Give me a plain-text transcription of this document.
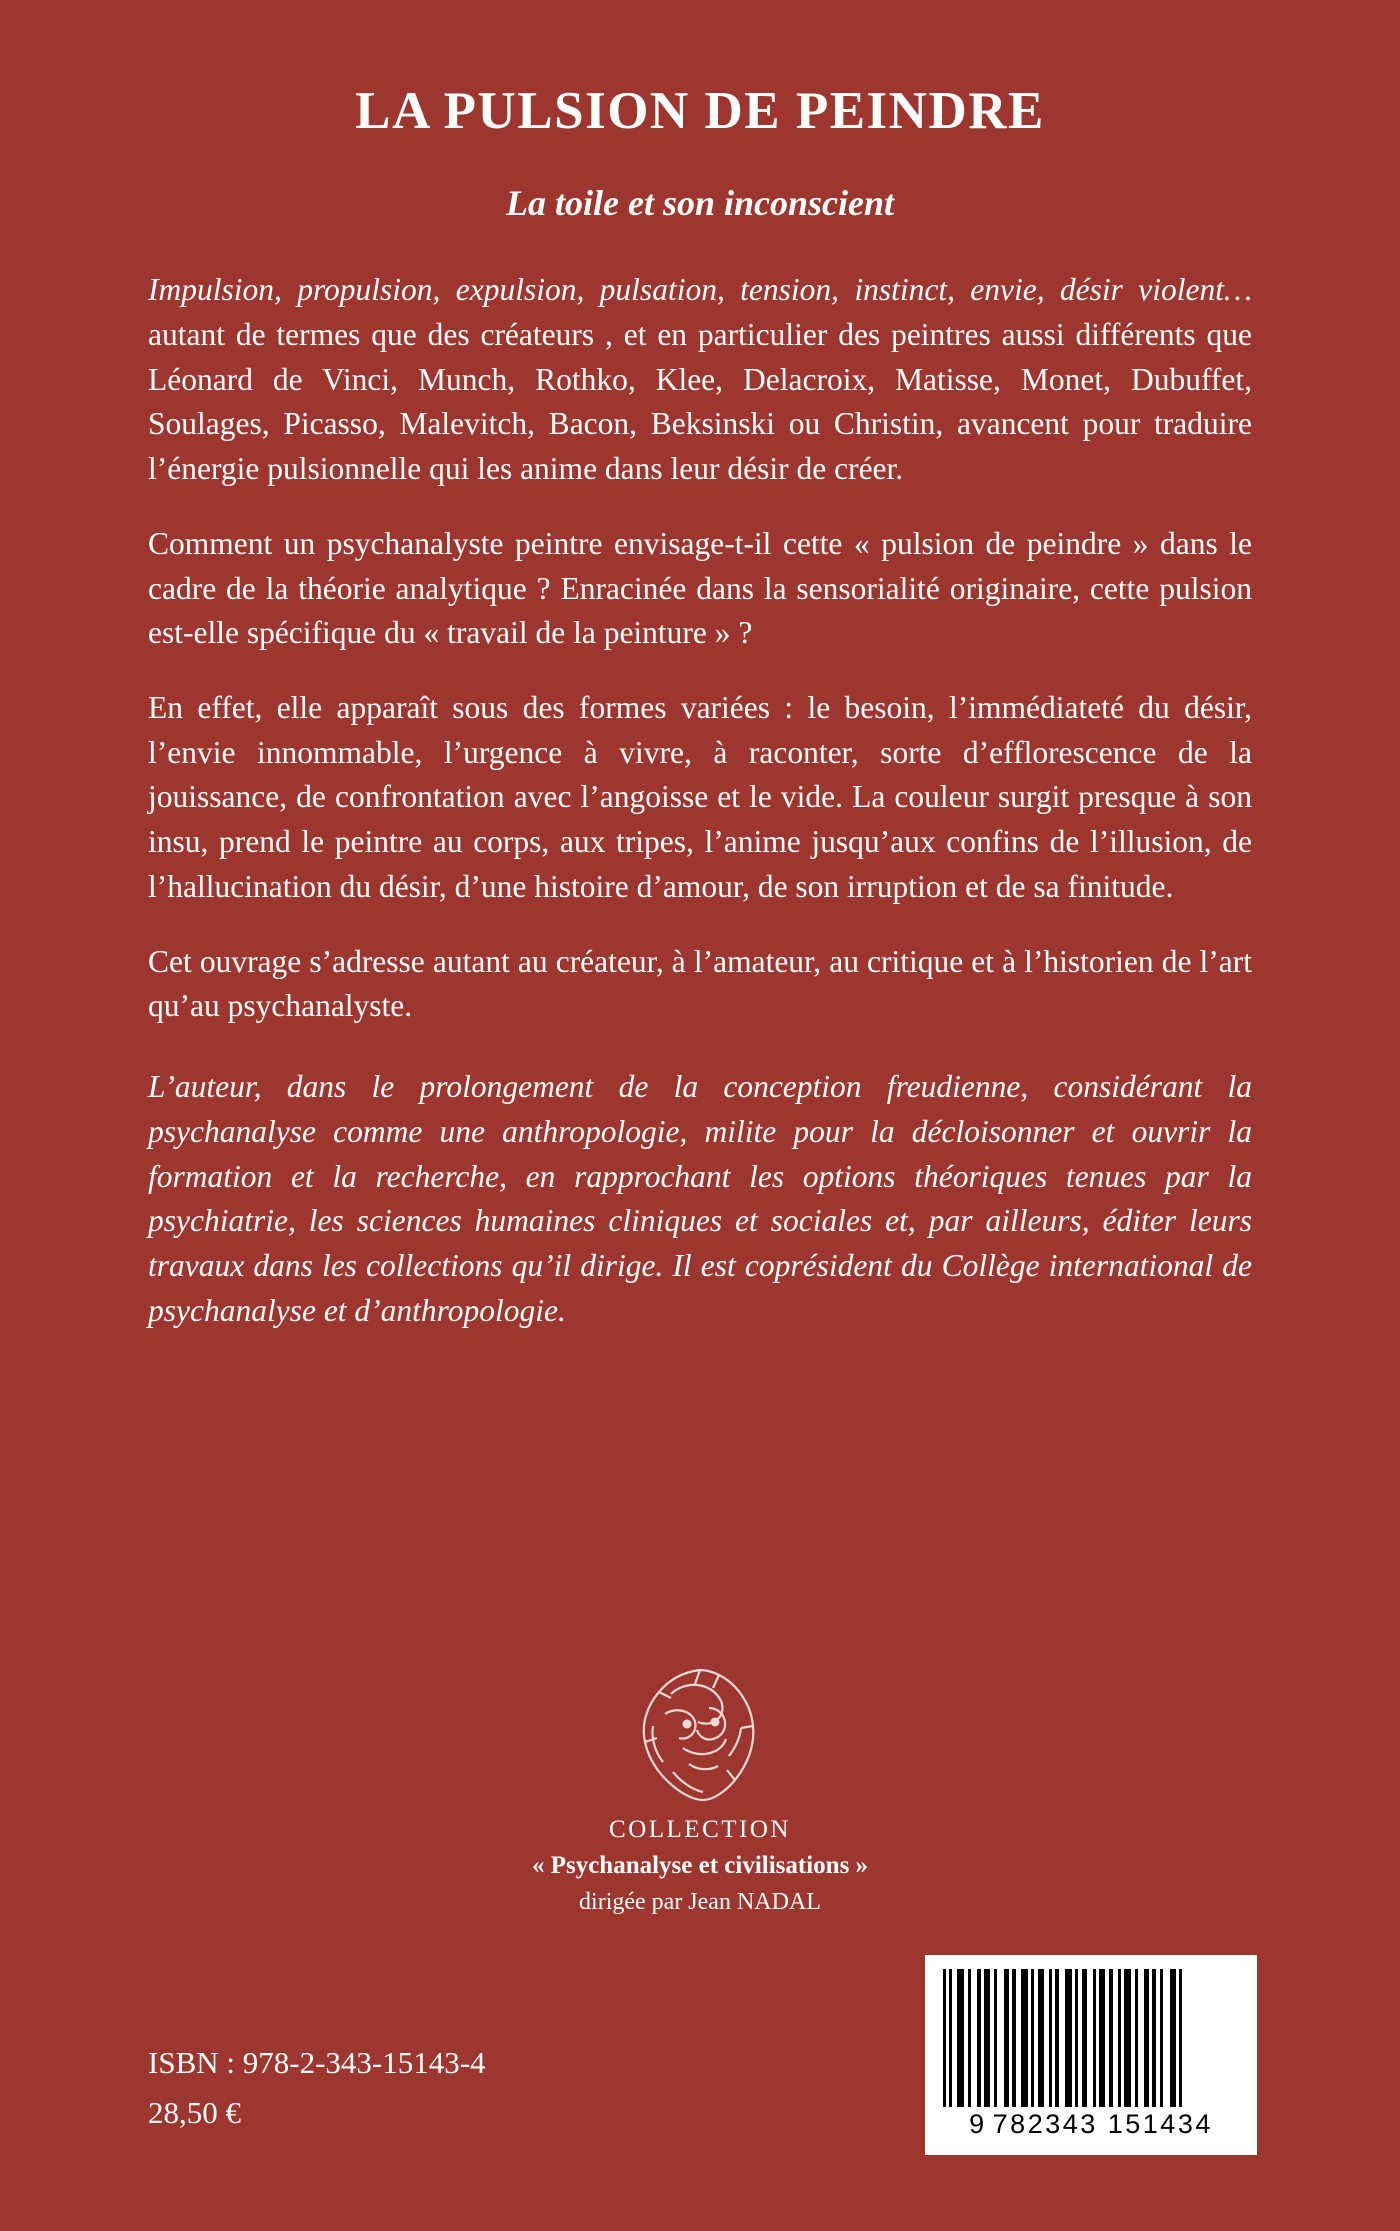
LA PULSION DE PEINDRE
La toile et son inconscient

Impulsion, propulsion, expulsion, pulsation, tension, instinct, envie, désir violent… autant de termes que des créateurs , et en particulier des peintres aussi différents que Léonard de Vinci, Munch, Rothko, Klee, Delacroix, Matisse, Monet, Dubuffet, Soulages, Picasso, Malevitch, Bacon, Beksinski ou Christin, avancent pour traduire l’énergie pulsionnelle qui les anime dans leur désir de créer.

Comment un psychanalyste peintre envisage-t-il cette « pulsion de peindre » dans le cadre de la théorie analytique ? Enracinée dans la sensorialité originaire, cette pulsion est-elle spécifique du « travail de la peinture » ?

En effet, elle apparaît sous des formes variées : le besoin, l’immédiateté du désir, l’envie innommable, l’urgence à vivre, à raconter, sorte d’efflorescence de la jouissance, de confrontation avec l’angoisse et le vide. La couleur surgit presque à son insu, prend le peintre au corps, aux tripes, l’anime jusqu’aux confins de l’illusion, de l’hallucination du désir, d’une histoire d’amour, de son irruption et de sa finitude.

Cet ouvrage s’adresse autant au créateur, à l’amateur, au critique et à l’historien de l’art qu’au psychanalyste.

L’auteur, dans le prolongement de la conception freudienne, considérant la psychanalyse comme une anthropologie, milite pour la décloisonner et ouvrir la formation et la recherche, en rapprochant les options théoriques tenues par la psychiatrie, les sciences humaines cliniques et sociales et, par ailleurs, éditer leurs travaux dans les collections qu’il dirige. Il est coprésident du Collège international de psychanalyse et d’anthropologie.

COLLECTION
« Psychanalyse et civilisations »
dirigée par Jean NADAL
ISBN : 978-2-343-15143-4
28,50 €	9 782343 151434
